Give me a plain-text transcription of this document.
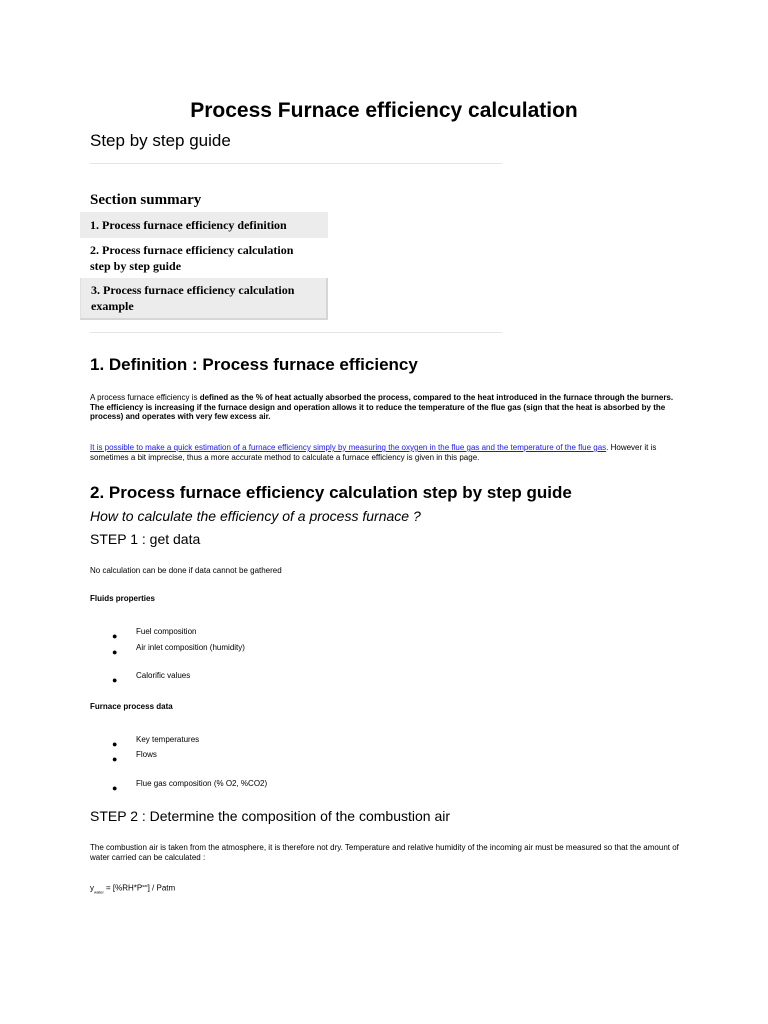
Process Furnace efficiency calculation
Step by step guide
Section summary
1. Process furnace efficiency definition
2. Process furnace efficiency calculation
step by step guide
3. Process furnace efficiency calculation
example
1. Definition : Process furnace efficiency

A process furnace efficiency is defined as the % of heat actually absorbed the process, compared to the heat introduced in the furnace through the burners. The efficiency is increasing if the furnace design and operation allows it to reduce the temperature of the flue gas (sign that the heat is absorbed by the process) and operates with very few excess air.

It is possible to make a quick estimation of a furnace efficiency simply by measuring the oxygen in the flue gas and the temperature of the flue gas. However it is sometimes a bit imprecise, thus a more accurate method to calculate a furnace efficiency is given in this page.

2. Process furnace efficiency calculation step by step guide
How to calculate the efficiency of a process furnace ?
STEP 1 : get data
No calculation can be done if data cannot be gathered
Fluids properties
● Fuel composition
● Air inlet composition (humidity)
● Calorific values
Furnace process data
● Key temperatures
● Flows
● Flue gas composition (% O2, %CO2)
STEP 2 : Determine the composition of the combustion air

The combustion air is taken from the atmosphere, it is therefore not dry. Temperature and relative humidity of the incoming air must be measured so that the amount of water carried can be calculated :

$y_{water} = [\%RH*P^{sat}]$ / Patm
